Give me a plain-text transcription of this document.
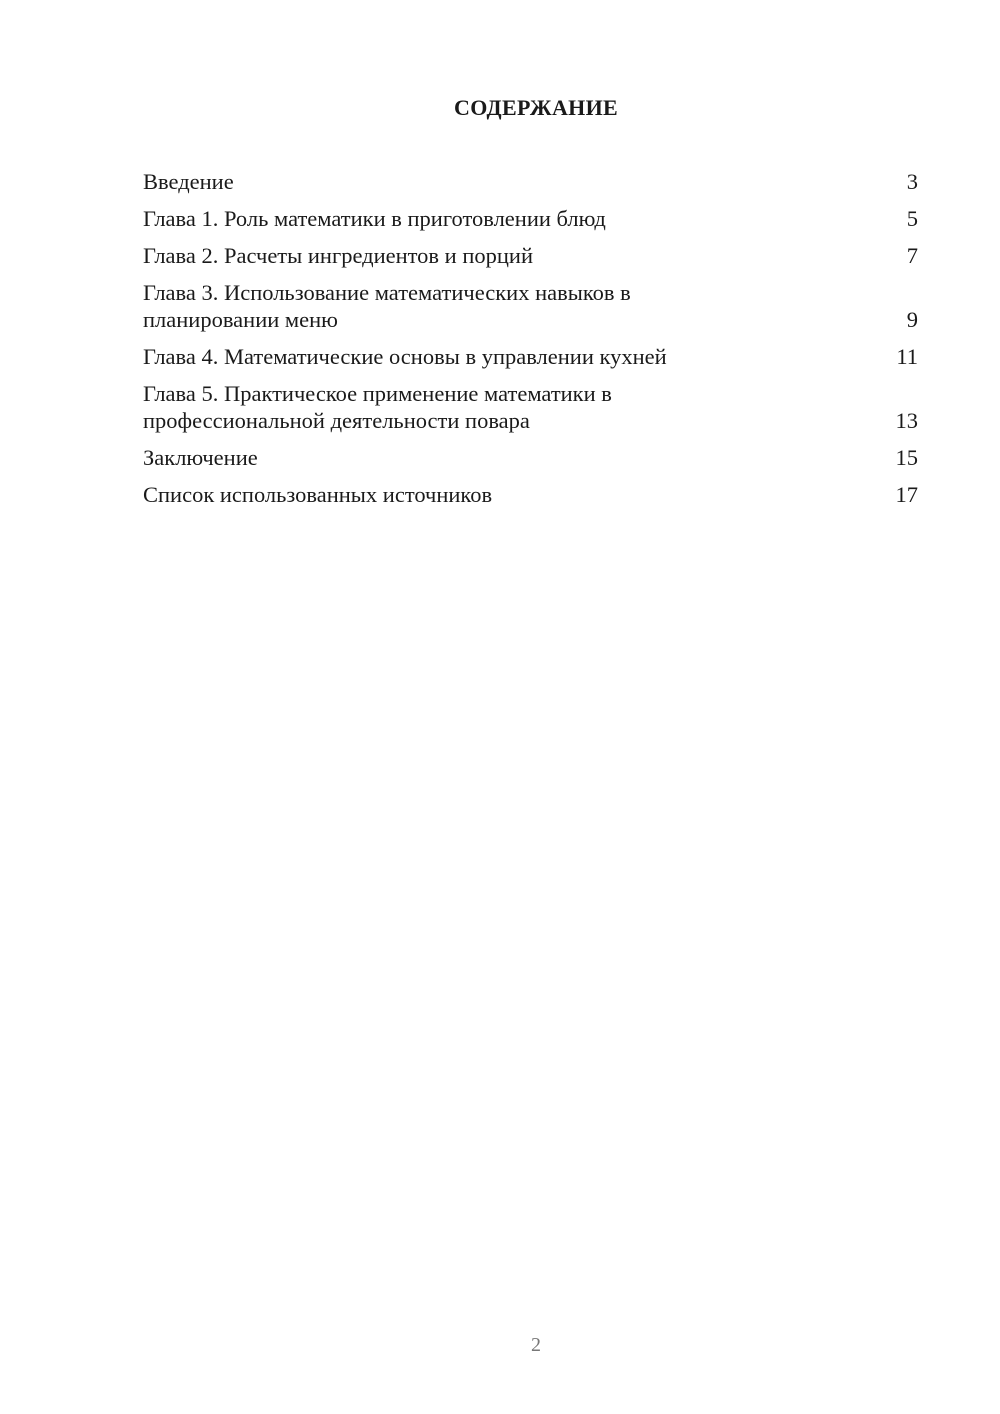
СОДЕРЖАНИЕ
Введение	3
Глава 1. Роль математики в приготовлении блюд	5
Глава 2. Расчеты ингредиентов и порций	7
Глава 3. Использование математических навыков в
планировании меню	9
Глава 4. Математические основы в управлении кухней	11
Глава 5. Практическое применение математики в
профессиональной деятельности повара	13
Заключение	15
Список использованных источников	17
2
